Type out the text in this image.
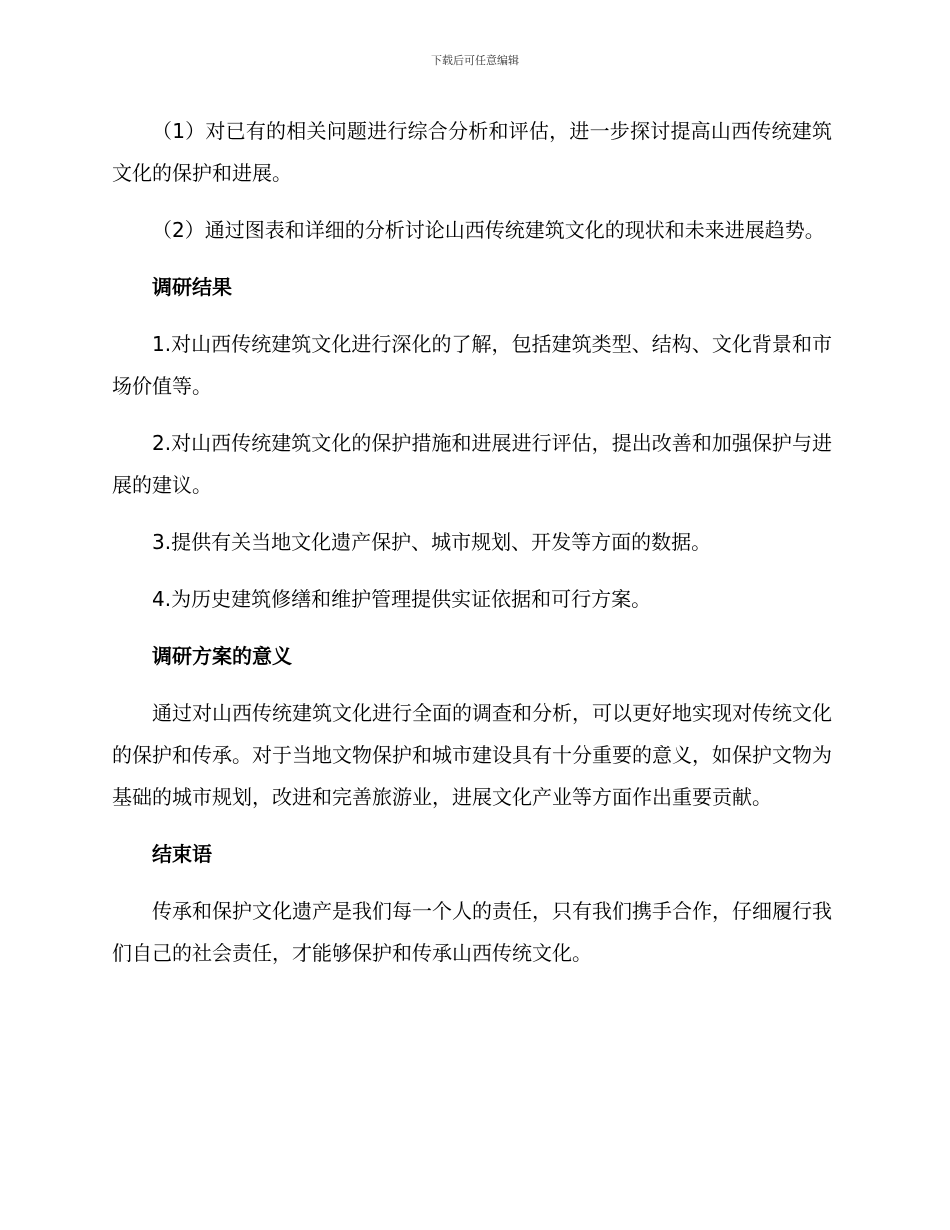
下载后可任意编辑

（1）对已有的相关问题进行综合分析和评估，进一步探讨提高山西传统建筑文化的保护和进展。

（2）通过图表和详细的分析讨论山西传统建筑文化的现状和未来进展趋势。

调研结果

1.对山西传统建筑文化进行深化的了解，包括建筑类型、结构、文化背景和市场价值等。

2.对山西传统建筑文化的保护措施和进展进行评估，提出改善和加强保护与进展的建议。

3.提供有关当地文化遗产保护、城市规划、开发等方面的数据。

4.为历史建筑修缮和维护管理提供实证依据和可行方案。

调研方案的意义

通过对山西传统建筑文化进行全面的调查和分析，可以更好地实现对传统文化的保护和传承。对于当地文物保护和城市建设具有十分重要的意义，如保护文物为基础的城市规划，改进和完善旅游业，进展文化产业等方面作出重要贡献。

结束语

传承和保护文化遗产是我们每一个人的责任，只有我们携手合作，仔细履行我们自己的社会责任，才能够保护和传承山西传统文化。
